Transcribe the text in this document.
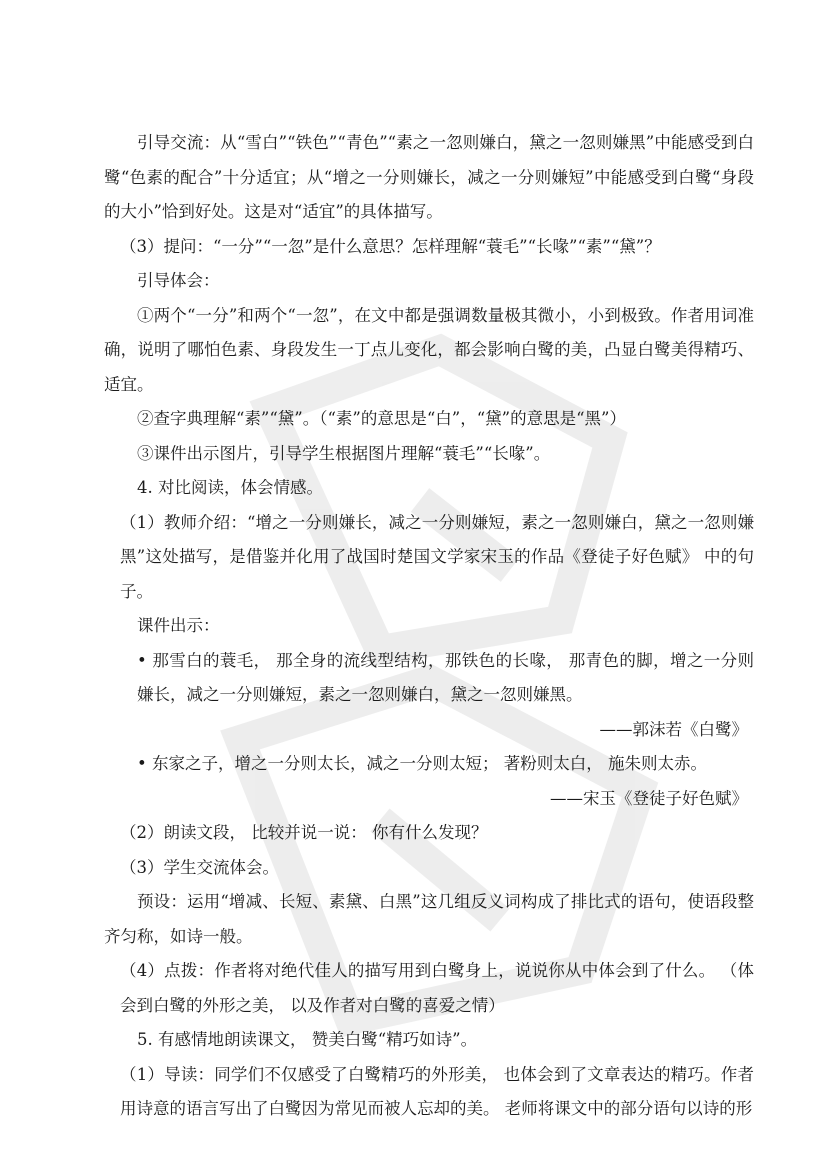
引导交流：从“雪白”“铁色”“青色”“素之一忽则嫌白，黛之一忽则嫌黑”中能感受到白鹭“色素的配合”十分适宜；从“增之一分则嫌长，减之一分则嫌短”中能感受到白鹭“身段的大小”恰到好处。这是对“适宜”的具体描写。

（3）提问：“一分”“一忽”是什么意思？怎样理解“蓑毛”“长喙”“素”“黛”？

引导体会：

①两个“一分”和两个“一忽”，在文中都是强调数量极其微小，小到极致。作者用词准确，说明了哪怕色素、身段发生一丁点儿变化，都会影响白鹭的美，凸显白鹭美得精巧、适宜。

②查字典理解“素”“黛”。（“素”的意思是“白”，“黛”的意思是“黑”）

③课件出示图片，引导学生根据图片理解“蓑毛”“长喙”。

4. 对比阅读，体会情感。

（1）教师介绍：“增之一分则嫌长，减之一分则嫌短，素之一忽则嫌白，黛之一忽则嫌黑”这处描写，是借鉴并化用了战国时楚国文学家宋玉的作品《登徒子好色赋》 中的句子。

课件出示：

• 那雪白的蓑毛， 那全身的流线型结构，那铁色的长喙， 那青色的脚，增之一分则嫌长，减之一分则嫌短，素之一忽则嫌白，黛之一忽则嫌黑。

——郭沫若《白鹭》

• 东家之子，增之一分则太长，减之一分则太短； 著粉则太白， 施朱则太赤。

——宋玉《登徒子好色赋》

（2）朗读文段， 比较并说一说： 你有什么发现？

（3）学生交流体会。

预设：运用“增减、长短、素黛、白黑”这几组反义词构成了排比式的语句，使语段整齐匀称，如诗一般。

（4）点拨：作者将对绝代佳人的描写用到白鹭身上，说说你从中体会到了什么。 （体会到白鹭的外形之美， 以及作者对白鹭的喜爱之情）

5. 有感情地朗读课文， 赞美白鹭“精巧如诗”。

（1）导读：同学们不仅感受了白鹭精巧的外形美， 也体会到了文章表达的精巧。作者用诗意的语言写出了白鹭因为常见而被人忘却的美。 老师将课文中的部分语句以诗的形
